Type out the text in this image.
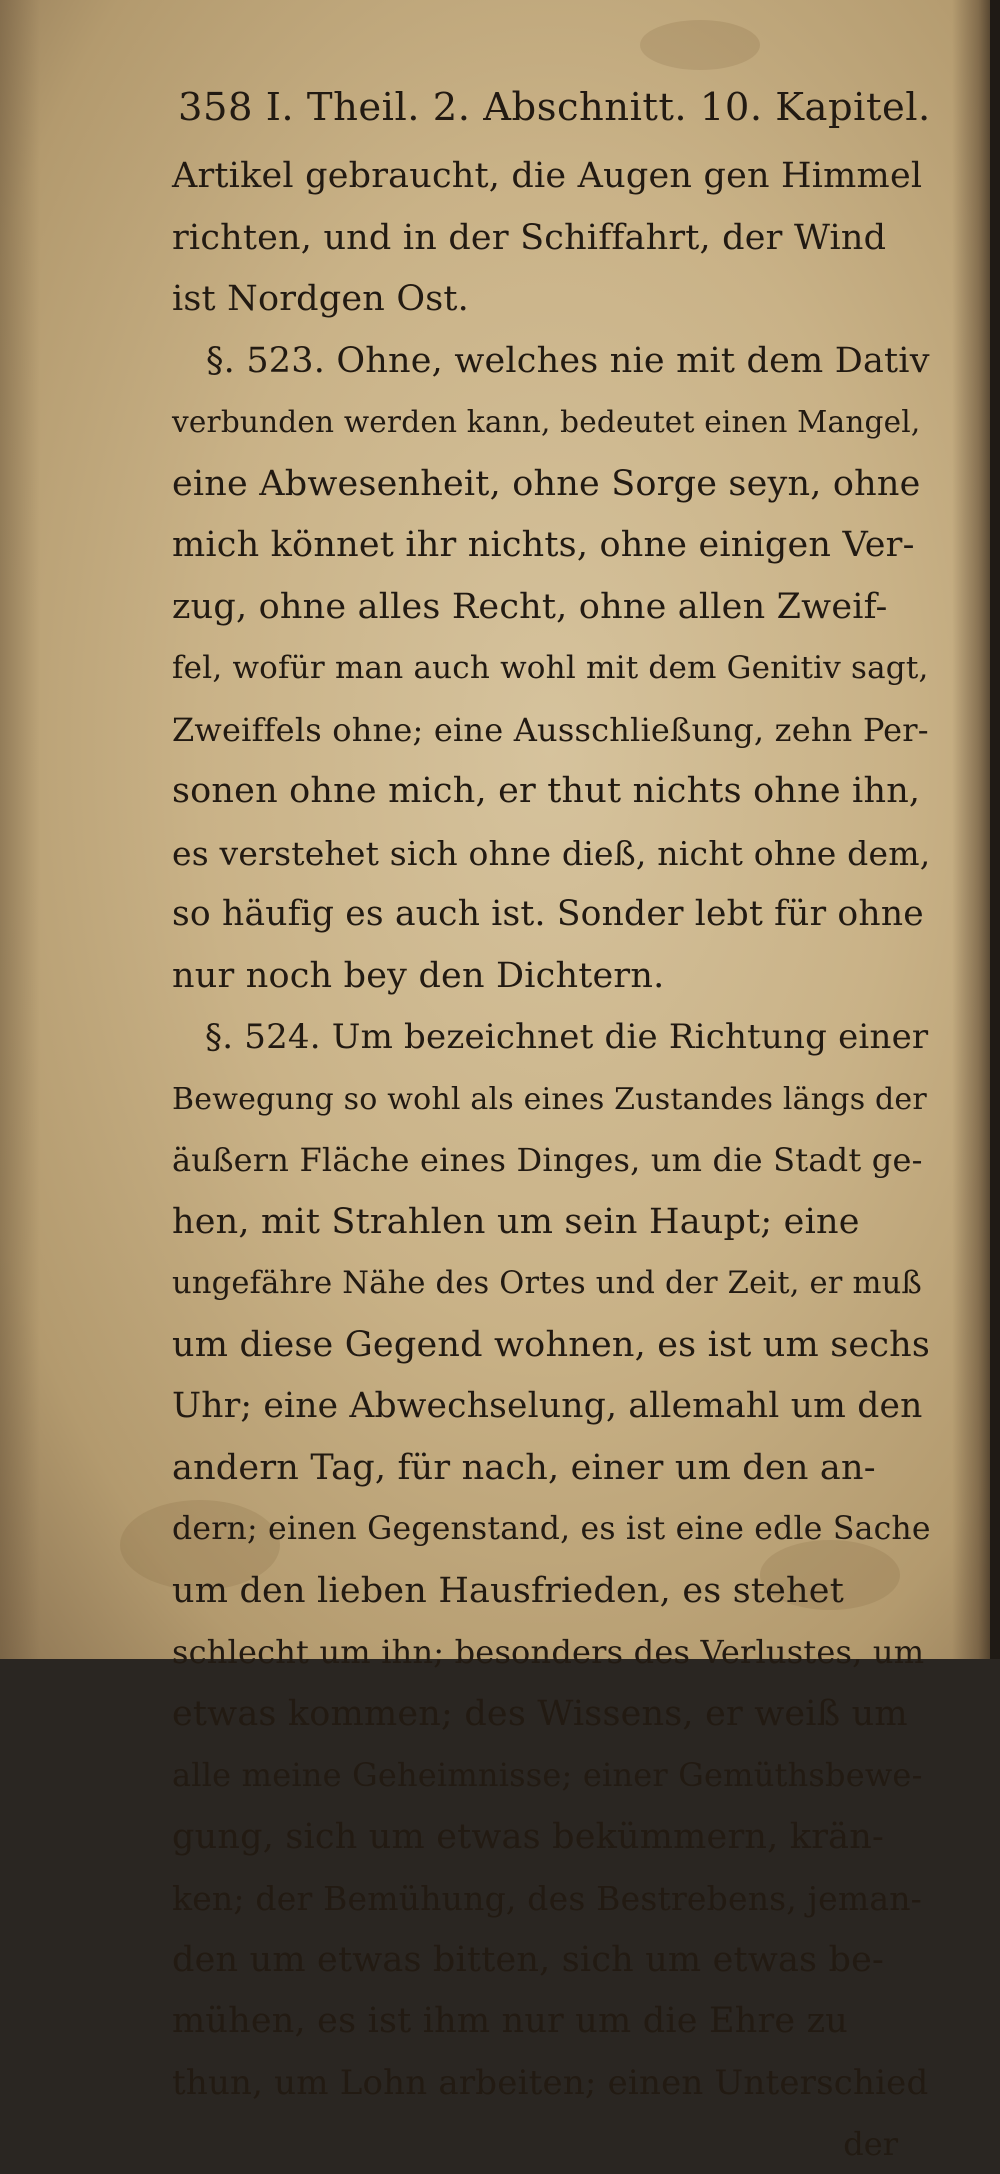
358 I. Theil. 2. Abschnitt. 10. Kapitel.
Artikel gebraucht, die Augen gen Himmel
richten, und in der Schiffahrt, der Wind
ist Nordgen Ost.
§. 523. Ohne, welches nie mit dem Dativ
verbunden werden kann, bedeutet einen Mangel,
eine Abwesenheit, ohne Sorge seyn, ohne
mich könnet ihr nichts, ohne einigen Ver-
zug, ohne alles Recht, ohne allen Zweif-
fel, wofür man auch wohl mit dem Genitiv sagt,
Zweiffels ohne; eine Ausschließung, zehn Per-
sonen ohne mich, er thut nichts ohne ihn,
es verstehet sich ohne dieß, nicht ohne dem,
so häufig es auch ist. Sonder lebt für ohne
nur noch bey den Dichtern.
§. 524. Um bezeichnet die Richtung einer
Bewegung so wohl als eines Zustandes längs der
äußern Fläche eines Dinges, um die Stadt ge-
hen, mit Strahlen um sein Haupt; eine
ungefähre Nähe des Ortes und der Zeit, er muß
um diese Gegend wohnen, es ist um sechs
Uhr; eine Abwechselung, allemahl um den
andern Tag, für nach, einer um den an-
dern; einen Gegenstand, es ist eine edle Sache
um den lieben Hausfrieden, es stehet
schlecht um ihn; besonders des Verlustes, um
etwas kommen; des Wissens, er weiß um
alle meine Geheimnisse; einer Gemüthsbewe-
gung, sich um etwas bekümmern, krän-
ken; der Bemühung, des Bestrebens, jeman-
den um etwas bitten, sich um etwas be-
mühen, es ist ihm nur um die Ehre zu
thun, um Lohn arbeiten; einen Unterschied
der
